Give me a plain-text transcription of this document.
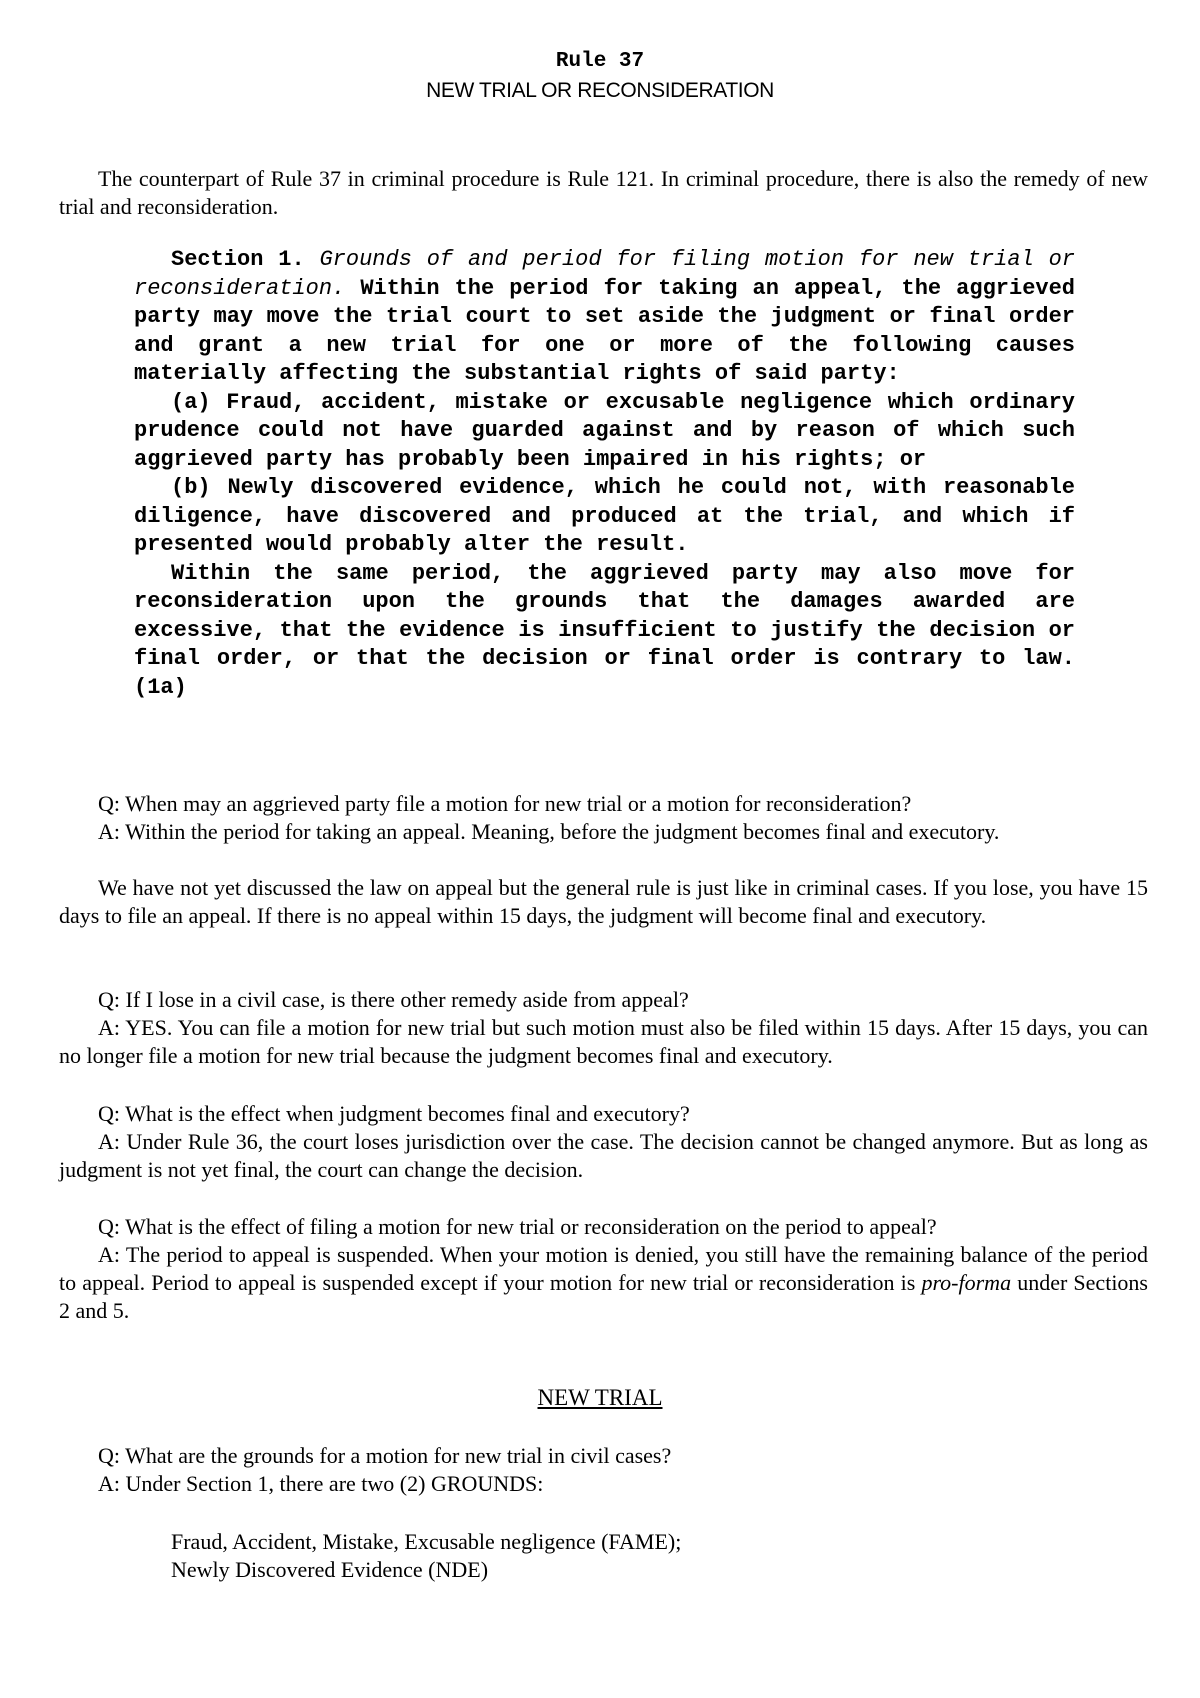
Rule 37
NEW TRIAL OR RECONSIDERATION

The counterpart of Rule 37 in criminal procedure is Rule 121. In criminal procedure, there is also the remedy of new trial and reconsideration.

Section 1. Grounds of and period for filing motion for new trial or reconsideration. Within the period for taking an appeal, the aggrieved party may move the trial court to set aside the judgment or final order and grant a new trial for one or more of the following causes materially affecting the substantial rights of said party:

(a) Fraud, accident, mistake or excusable negligence which ordinary prudence could not have guarded against and by reason of which such aggrieved party has probably been impaired in his rights; or

(b) Newly discovered evidence, which he could not, with reasonable diligence, have discovered and produced at the trial, and which if presented would probably alter the result.

Within the same period, the aggrieved party may also move for reconsideration upon the grounds that the damages awarded are excessive, that the evidence is insufficient to justify the decision or final order, or that the decision or final order is contrary to law.(1a)

Q: When may an aggrieved party file a motion for new trial or a motion for reconsideration?

A: Within the period for taking an appeal. Meaning, before the judgment becomes final and executory.

We have not yet discussed the law on appeal but the general rule is just like in criminal cases. If you lose, you have 15 days to file an appeal. If there is no appeal within 15 days, the judgment will become final and executory.

Q: If I lose in a civil case, is there other remedy aside from appeal?

A: YES. You can file a motion for new trial but such motion must also be filed within 15 days. After 15 days, you can no longer file a motion for new trial because the judgment becomes final and executory.

Q: What is the effect when judgment becomes final and executory?

A: Under Rule 36, the court loses jurisdiction over the case. The decision cannot be changed anymore. But as long as judgment is not yet final, the court can change the decision.

Q: What is the effect of filing a motion for new trial or reconsideration on the period to appeal?

A: The period to appeal is suspended. When your motion is denied, you still have the remaining balance of the period to appeal. Period to appeal is suspended except if your motion for new trial or reconsideration is pro-forma under Sections 2 and 5.

NEW TRIAL

Q: What are the grounds for a motion for new trial in civil cases?

A: Under Section 1, there are two (2) GROUNDS:

Fraud, Accident, Mistake, Excusable negligence (FAME);
Newly Discovered Evidence (NDE)
